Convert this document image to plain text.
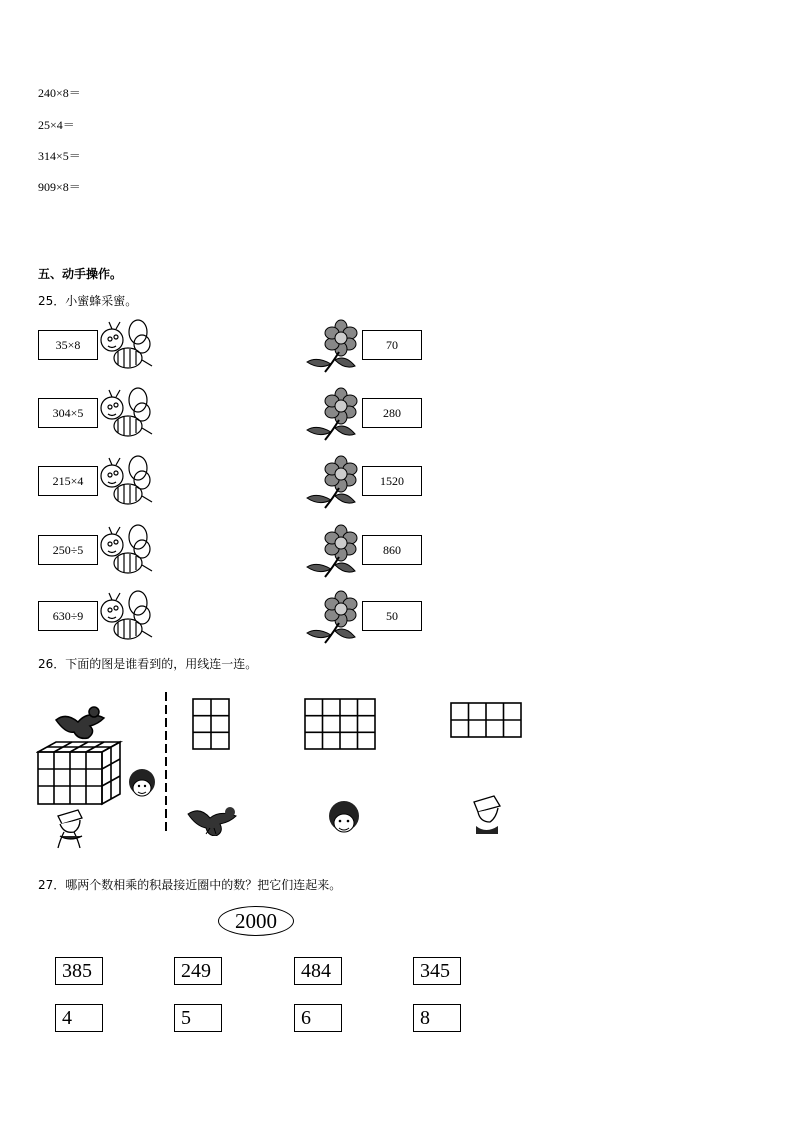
240×8＝
25×4＝
314×5＝
909×8＝
五、动手操作。
25．小蜜蜂采蜜。
35×8
304×5
215×4
250÷5
630÷9
70
280
1520
860
50
26．下面的图是谁看到的，用线连一连。
27．哪两个数相乘的积最接近圈中的数？把它们连起来。
2000
385	249	484	345
4	5	6	8
